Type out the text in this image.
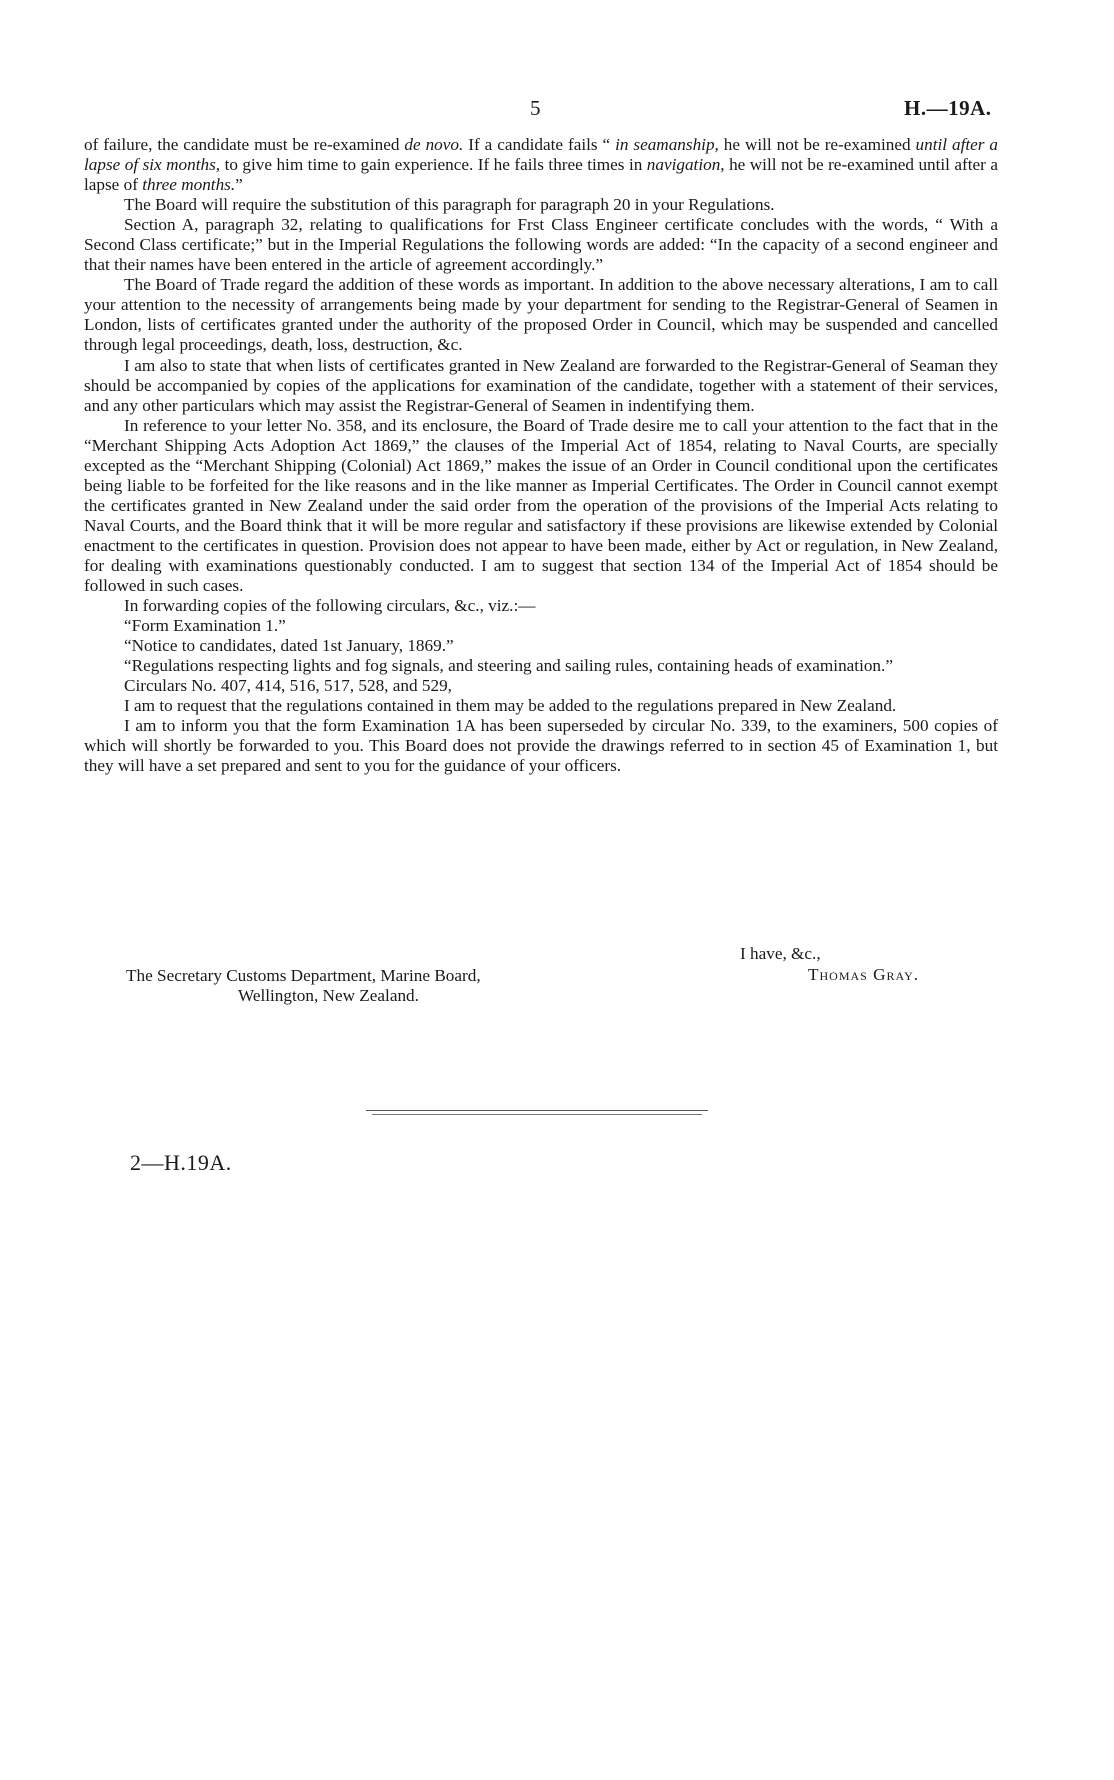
5	H.—19A.

of failure, the candidate must be re-examined de novo. If a candidate fails “ in seamanship, he will not be re-examined until after a lapse of six months, to give him time to gain experience. If he fails three times in navigation, he will not be re-examined until after a lapse of three months.”

The Board will require the substitution of this paragraph for paragraph 20 in your Regulations.

Section A, paragraph 32, relating to qualifications for Frst Class Engineer certificate concludes with the words, “ With a Second Class certificate;” but in the Imperial Regulations the following words are added: “In the capacity of a second engineer and that their names have been entered in the article of agreement accordingly.”

The Board of Trade regard the addition of these words as important. In addition to the above necessary alterations, I am to call your attention to the necessity of arrangements being made by your department for sending to the Registrar-General of Seamen in London, lists of certificates granted under the authority of the proposed Order in Council, which may be suspended and cancelled through legal proceedings, death, loss, destruction, &c.

I am also to state that when lists of certificates granted in New Zealand are forwarded to the Registrar-General of Seaman they should be accompanied by copies of the applications for examination of the candidate, together with a statement of their services, and any other particulars which may assist the Registrar-General of Seamen in indentifying them.

In reference to your letter No. 358, and its enclosure, the Board of Trade desire me to call your attention to the fact that in the “Merchant Shipping Acts Adoption Act 1869,” the clauses of the Imperial Act of 1854, relating to Naval Courts, are specially excepted as the “Merchant Shipping (Colonial) Act 1869,” makes the issue of an Order in Council conditional upon the certificates being liable to be forfeited for the like reasons and in the like manner as Imperial Certificates. The Order in Council cannot exempt the certificates granted in New Zealand under the said order from the operation of the provisions of the Imperial Acts relating to Naval Courts, and the Board think that it will be more regular and satisfactory if these provisions are likewise extended by Colonial enactment to the certificates in question. Provision does not appear to have been made, either by Act or regulation, in New Zealand, for dealing with examinations questionably conducted. I am to suggest that section 134 of the Imperial Act of 1854 should be followed in such cases.

In forwarding copies of the following circulars, &c., viz.:—

“Form Examination 1.”

“Notice to candidates, dated 1st January, 1869.”

“Regulations respecting lights and fog signals, and steering and sailing rules, containing heads of examination.”

Circulars No. 407, 414, 516, 517, 528, and 529,

I am to request that the regulations contained in them may be added to the regulations prepared in New Zealand.

I am to inform you that the form Examination 1A has been superseded by circular No. 339, to the examiners, 500 copies of which will shortly be forwarded to you. This Board does not provide the drawings referred to in section 45 of Examination 1, but they will have a set prepared and sent to you for the guidance of your officers.

I have, &c.,
Thomas Gray.
The Secretary Customs Department, Marine Board,
Wellington, New Zealand.
2—H.19A.
